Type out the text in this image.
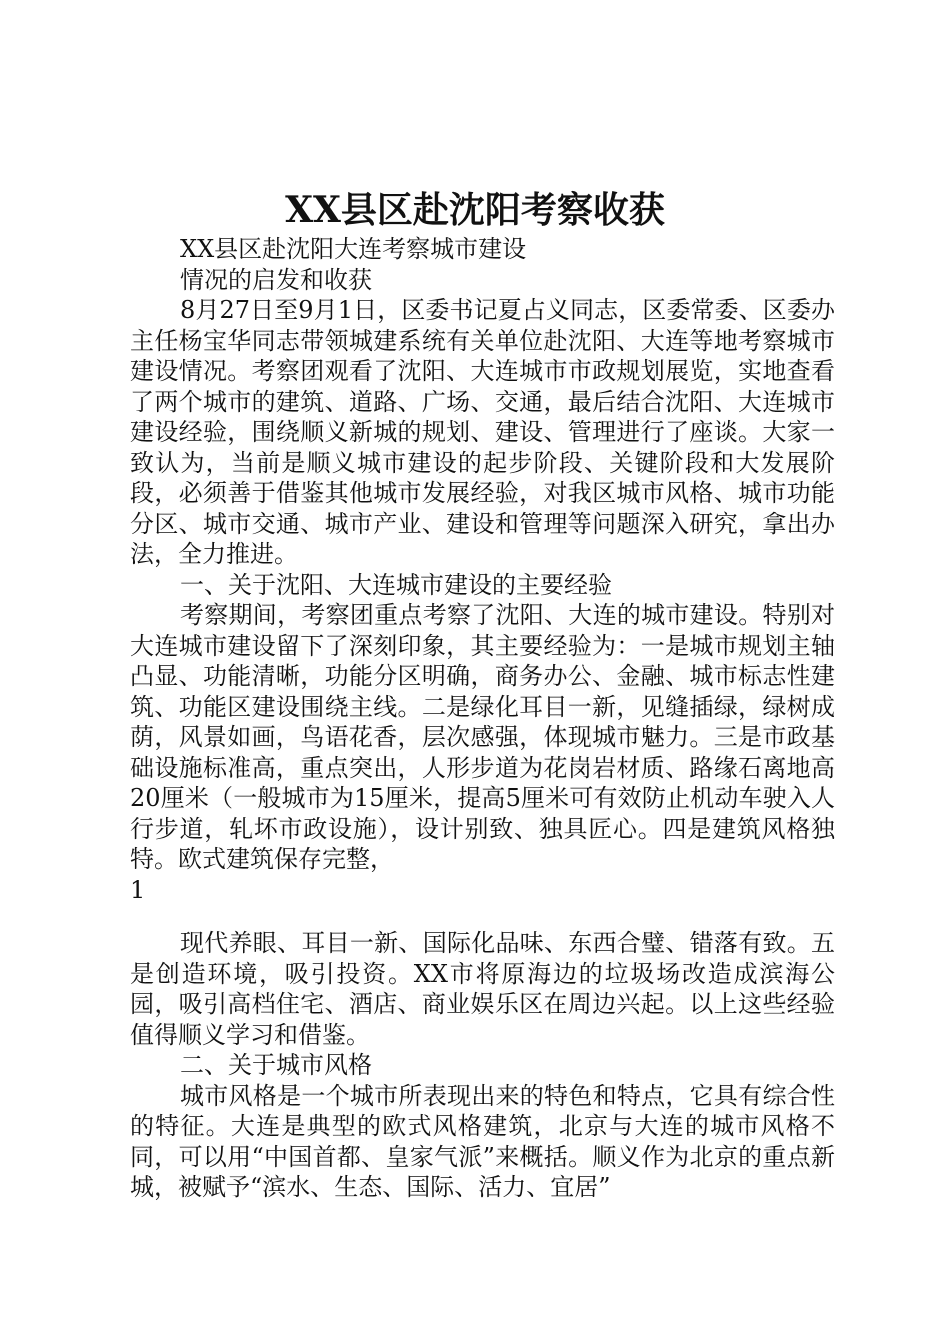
XX县区赴沈阳考察收获

XX县区赴沈阳大连考察城市建设

情况的启发和收获

8月27日至9月1日，区委书记夏占义同志，区委常委、区委办主任杨宝华同志带领城建系统有关单位赴沈阳、大连等地考察城市建设情况。考察团观看了沈阳、大连城市市政规划展览，实地查看了两个城市的建筑、道路、广场、交通，最后结合沈阳、大连城市建设经验，围绕顺义新城的规划、建设、管理进行了座谈。大家一致认为，当前是顺义城市建设的起步阶段、关键阶段和大发展阶段，必须善于借鉴其他城市发展经验，对我区城市风格、城市功能分区、城市交通、城市产业、建设和管理等问题深入研究，拿出办法，全力推进。

一、关于沈阳、大连城市建设的主要经验

考察期间，考察团重点考察了沈阳、大连的城市建设。特别对大连城市建设留下了深刻印象，其主要经验为：一是城市规划主轴凸显、功能清晰，功能分区明确，商务办公、金融、城市标志性建筑、功能区建设围绕主线。二是绿化耳目一新，见缝插绿，绿树成荫，风景如画，鸟语花香，层次感强，体现城市魅力。三是市政基础设施标准高，重点突出，人形步道为花岗岩材质、路缘石离地高20厘米（一般城市为15厘米，提高5厘米可有效防止机动车驶入人行步道，轧坏市政设施），设计别致、独具匠心。四是建筑风格独特。欧式建筑保存完整，

1

现代养眼、耳目一新、国际化品味、东西合璧、错落有致。五是创造环境，吸引投资。XX市将原海边的垃圾场改造成滨海公园，吸引高档住宅、酒店、商业娱乐区在周边兴起。以上这些经验值得顺义学习和借鉴。

二、关于城市风格

城市风格是一个城市所表现出来的特色和特点，它具有综合性的特征。大连是典型的欧式风格建筑，北京与大连的城市风格不同，可以用“中国首都、皇家气派”来概括。顺义作为北京的重点新城，被赋予“滨水、生态、国际、活力、宜居”
